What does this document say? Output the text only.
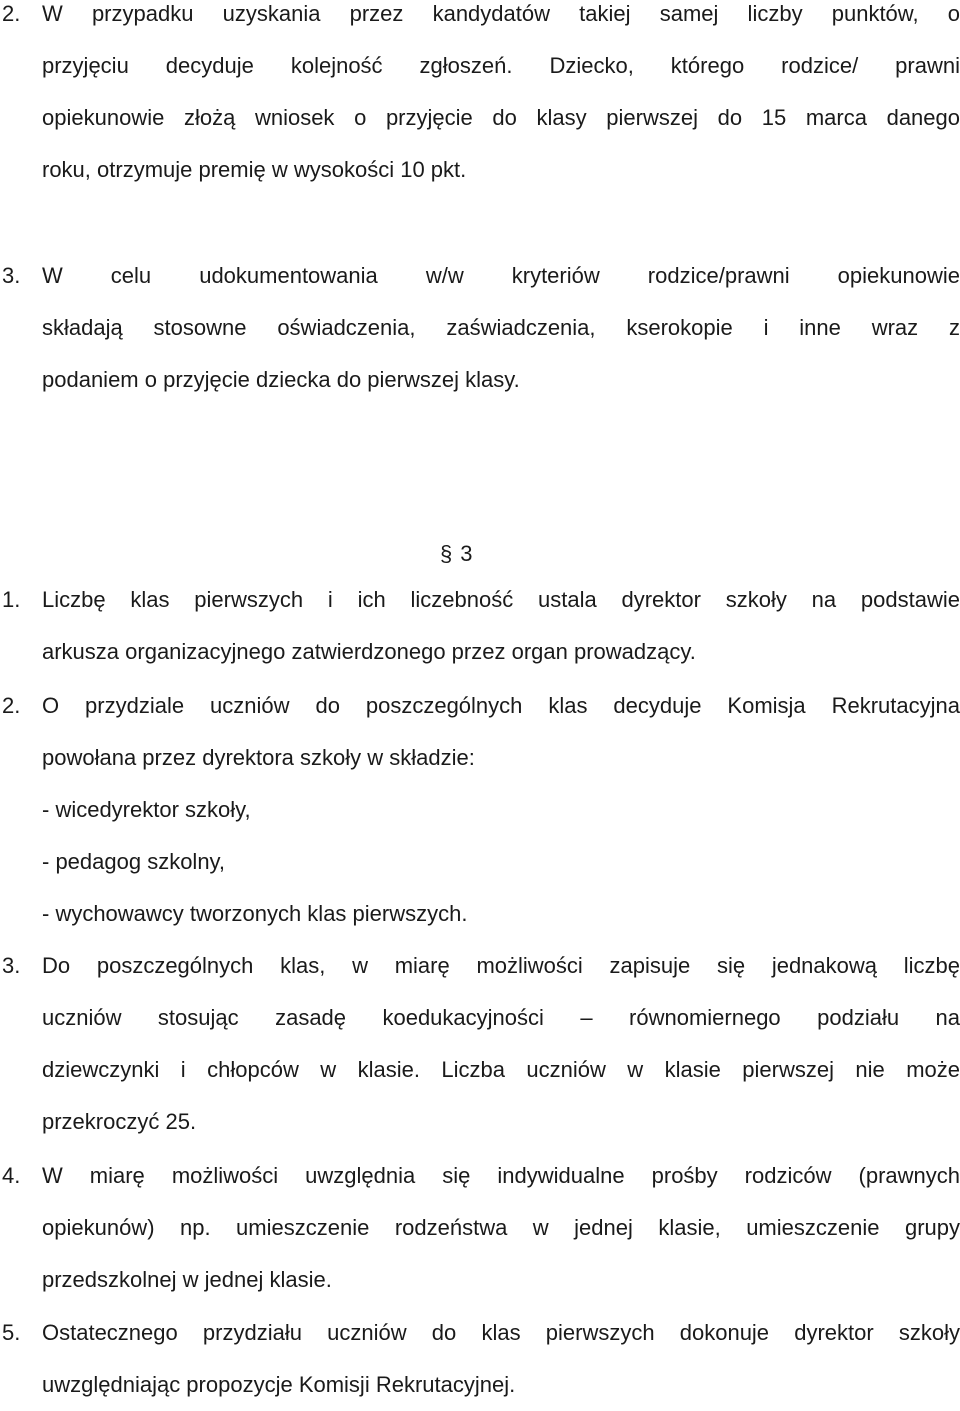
2. W przypadku uzyskania przez kandydatów takiej samej liczby punktów, o
przyjęciu decyduje kolejność zgłoszeń. Dziecko, którego rodzice/ prawni
opiekunowie złożą wniosek o przyjęcie do klasy pierwszej do 15 marca danego
roku, otrzymuje premię w wysokości 10 pkt.
3. W celu udokumentowania w/w kryteriów rodzice/prawni opiekunowie
składają stosowne oświadczenia, zaświadczenia, kserokopie i inne wraz z
podaniem o przyjęcie dziecka do pierwszej klasy.
§ 3
1. Liczbę klas pierwszych i ich liczebność ustala dyrektor szkoły na podstawie
arkusza organizacyjnego zatwierdzonego przez organ prowadzący.
2. O przydziale uczniów do poszczególnych klas decyduje Komisja Rekrutacyjna
powołana przez dyrektora szkoły w składzie:
- wicedyrektor szkoły,
- pedagog szkolny,
- wychowawcy tworzonych klas pierwszych.
3. Do poszczególnych klas, w miarę możliwości zapisuje się jednakową liczbę
uczniów stosując zasadę koedukacyjności – równomiernego podziału na
dziewczynki i chłopców w klasie. Liczba uczniów w klasie pierwszej nie może
przekroczyć 25.
4. W miarę możliwości uwzględnia się indywidualne prośby rodziców (prawnych
opiekunów) np. umieszczenie rodzeństwa w jednej klasie, umieszczenie grupy
przedszkolnej w jednej klasie.
5. Ostatecznego przydziału uczniów do klas pierwszych dokonuje dyrektor szkoły
uwzględniając propozycje Komisji Rekrutacyjnej.
